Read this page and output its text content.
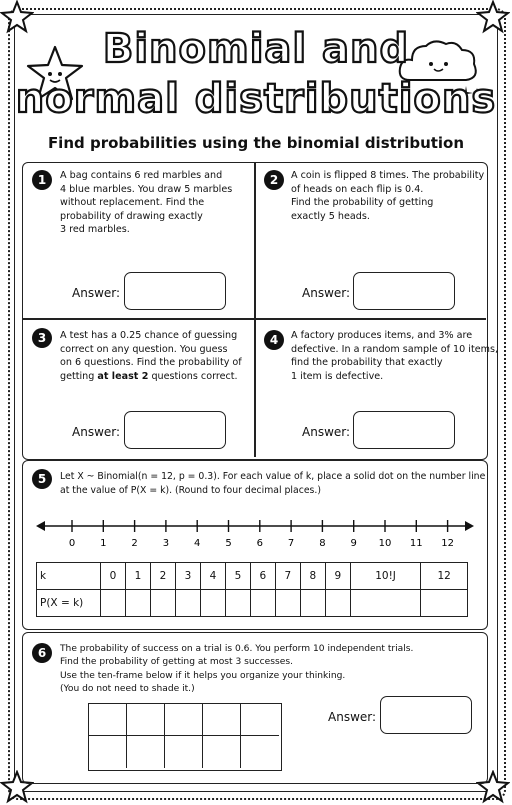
Binomial and
normal distributions
Find probabilities using the binomial distribution
1	A bag contains 6 red marbles and
4 blue marbles. You draw 5 marbles
without replacement. Find the
probability of drawing exactly
3 red marbles.
Answer:
2	A coin is flipped 8 times. The probability
of heads on each flip is 0.4.
Find the probability of getting
exactly 5 heads.
Answer:
3	A test has a 0.25 chance of guessing
correct on any question. You guess
on 6 questions. Find the probability of
getting at least 2 questions correct.
Answer:
4	A factory produces items, and 3% are
defective. In a random sample of 10 items,
find the probability that exactly
1 item is defective.
Answer:
5	Let X ~ Binomial(n = 12, p = 0.3). For each value of k, place a solid dot on the number line
at the value of P(X = k). (Round to four decimal places.)
0 1 2 3 4 5 6 7 8 9 10 11 12
k	0	1	2	3	4	5	6	7	8	9	10!J	12
P(X = k)												
6	The probability of success on a trial is 0.6. You perform 10 independent trials.
Find the probability of getting at most 3 successes.
Use the ten-frame below if it helps you organize your thinking.
(You do not need to shade it.)
Answer:
